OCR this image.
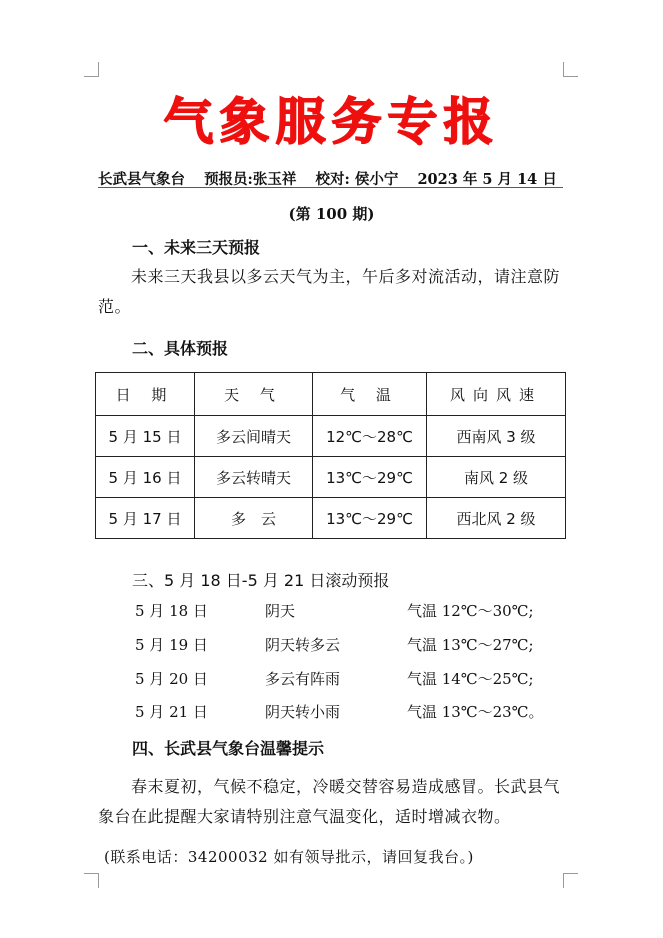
气象服务专报
长武县气象台 预报员:张玉祥 校对: 侯小宁 2023 年 5 月 14 日
(第 100 期)
一、未来三天预报
　　未来三天我县以多云天气为主，午后多对流活动，请注意防范。
二、具体预报
日 期	天 气	气 温	风向风速
5 月 15 日	多云间晴天	12℃～28℃	西南风 3 级
5 月 16 日	多云转晴天	13℃～29℃	南风 2 级
5 月 17 日	多　云	13℃～29℃	西北风 2 级
三、5 月 18 日-5 月 21 日滚动预报
5 月 18 日	阴天	气温 12℃～30℃;
5 月 19 日	阴天转多云	气温 13℃～27℃;
5 月 20 日	多云有阵雨	气温 14℃～25℃;
5 月 21 日	阴天转小雨	气温 13℃～23℃。
四、长武县气象台温馨提示
　　春末夏初，气候不稳定，冷暖交替容易造成感冒。长武县气象台在此提醒大家请特别注意气温变化，适时增减衣物。
(联系电话：34200032 如有领导批示，请回复我台。)
